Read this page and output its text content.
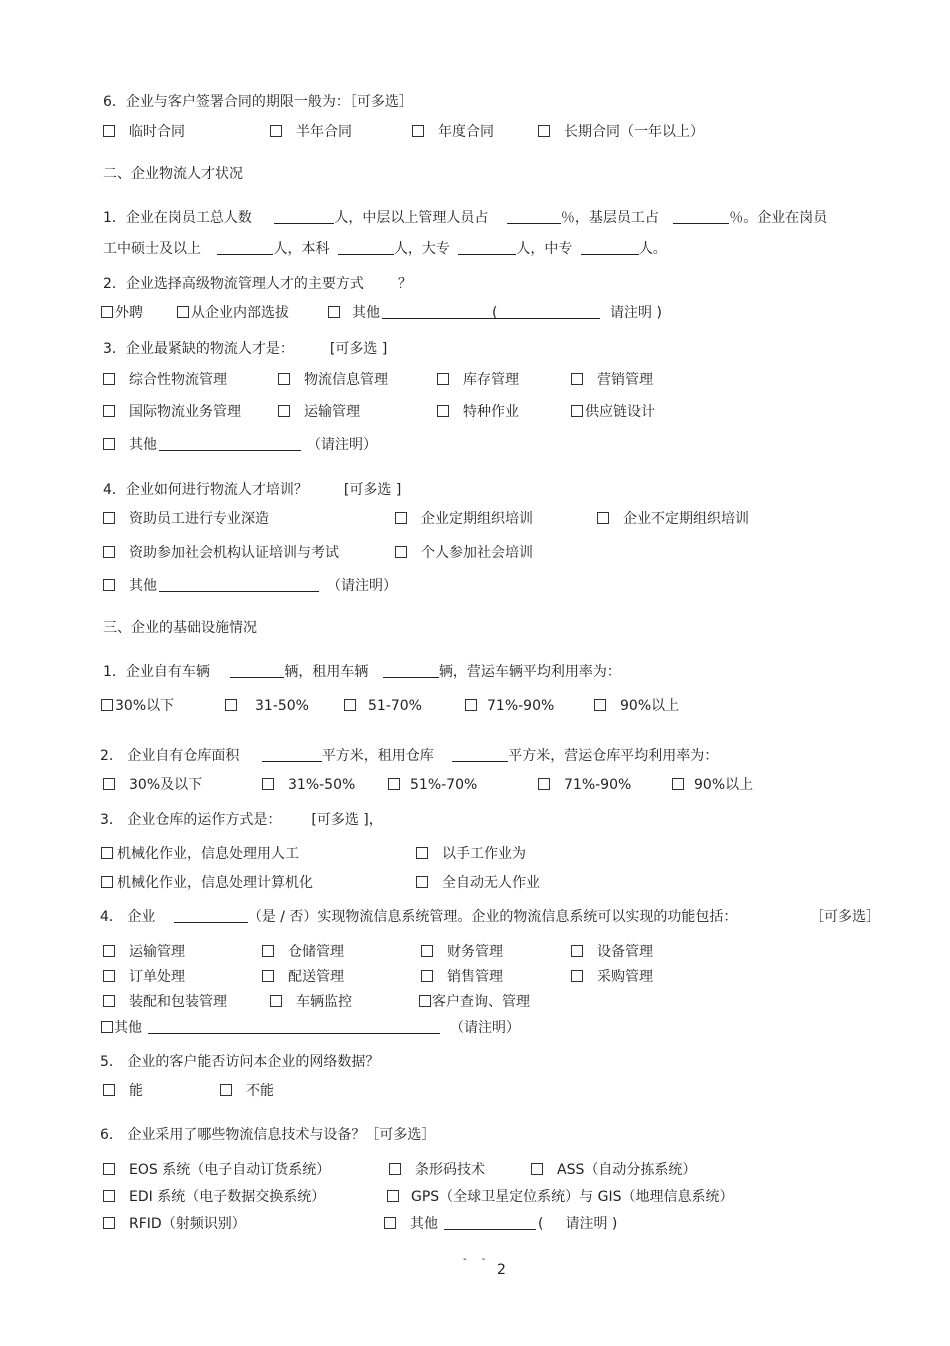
6．企业与客户签署合同的期限一般为：［可多选］
临时合同	半年合同	年度合同	长期合同（一年以上）
二、企业物流人才状况
1．企业在岗员工总人数	人，中层以上管理人员占	％，基层员工占	％。企业在岗员
工中硕士及以上	人，本科	人，大专	人，中专	人。
2．企业选择高级物流管理人才的主要方式 ？
外聘	从企业内部选拔	其他	请注明 )
(
3．企业最紧缺的物流人才是：	[可多选 ]
综合性物流管理	物流信息管理	库存管理	营销管理
国际物流业务管理	运输管理	特种作业	供应链设计
其他	（请注明）
4．企业如何进行物流人才培训？	[可多选 ]
资助员工进行专业深造	企业定期组织培训	企业不定期组织培训
资助参加社会机构认证培训与考试	个人参加社会培训
其他	（请注明）
三、企业的基础设施情况
1．企业自有车辆	辆，租用车辆	辆，营运车辆平均利用率为：
30%以下	31-50%	51-70%	71%-90%	90%以上
2． 企业自有仓库面积	平方米，租用仓库	平方米，营运仓库平均利用率为：
30%及以下	31%-50%	51%-70%	71%-90%	90%以上
3． 企业仓库的运作方式是： [可多选 ]，
机械化作业，信息处理用人工	以手工作业为
机械化作业，信息处理计算机化	全自动无人作业
4． 企业	（是 / 否）实现物流信息系统管理。企业的物流信息系统可以实现的功能包括：	［可多选］
运输管理	仓储管理	财务管理	设备管理
订单处理	配送管理	销售管理	采购管理
装配和包装管理	车辆监控	客户查询、管理
其他	（请注明）
5． 企业的客户能否访问本企业的网络数据？
能	不能
6． 企业采用了哪些物流信息技术与设备？［可多选］
EOS 系统（电子自动订货系统）	条形码技术	ASS（自动分拣系统）
EDI 系统（电子数据交换系统）	GPS（全球卫星定位系统）与 GIS（地理信息系统）
RFID（射频识别）	其他	( 请注明 )
- -
2
